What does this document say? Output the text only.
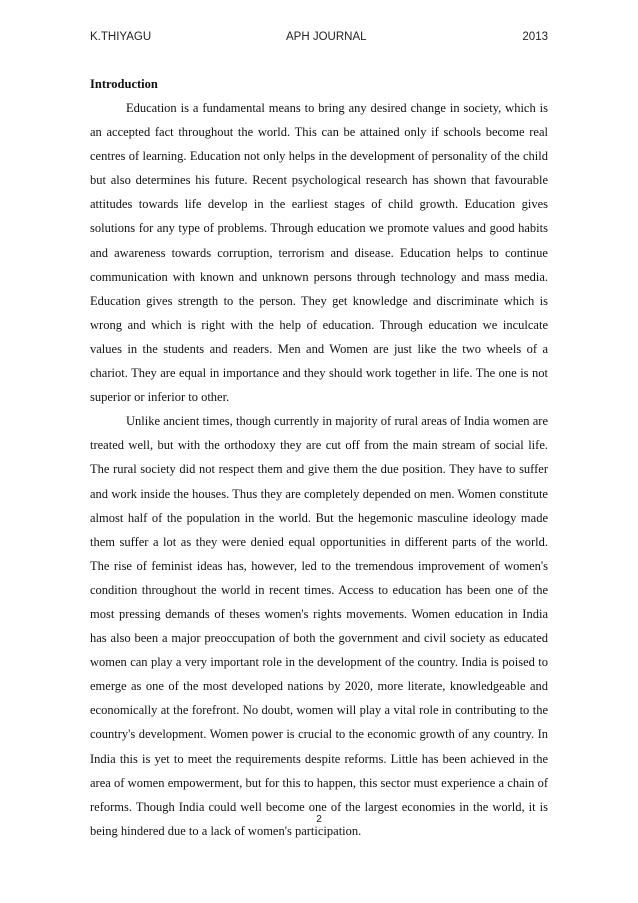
K.THIYAGU	APH JOURNAL	2013
Introduction

Education is a fundamental means to bring any desired change in society, which is an accepted fact throughout the world. This can be attained only if schools become real centres of learning. Education not only helps in the development of personality of the child but also determines his future. Recent psychological research has shown that favourable attitudes towards life develop in the earliest stages of child growth. Education gives solutions for any type of problems. Through education we promote values and good habits and awareness towards corruption, terrorism and disease. Education helps to continue communication with known and unknown persons through technology and mass media. Education gives strength to the person. They get knowledge and discriminate which is wrong and which is right with the help of education. Through education we inculcate values in the students and readers. Men and Women are just like the two wheels of a chariot. They are equal in importance and they should work together in life. The one is not superior or inferior to other.

Unlike ancient times, though currently in majority of rural areas of India women are treated well, but with the orthodoxy they are cut off from the main stream of social life. The rural society did not respect them and give them the due position. They have to suffer and work inside the houses. Thus they are completely depended on men. Women constitute almost half of the population in the world. But the hegemonic masculine ideology made them suffer a lot as they were denied equal opportunities in different parts of the world. The rise of feminist ideas has, however, led to the tremendous improvement of women's condition throughout the world in recent times. Access to education has been one of the most pressing demands of theses women's rights movements. Women education in India has also been a major preoccupation of both the government and civil society as educated women can play a very important role in the development of the country. India is poised to emerge as one of the most developed nations by 2020, more literate, knowledgeable and economically at the forefront. No doubt, women will play a vital role in contributing to the country's development. Women power is crucial to the economic growth of any country. In India this is yet to meet the requirements despite reforms. Little has been achieved in the area of women empowerment, but for this to happen, this sector must experience a chain of reforms. Though India could well become one of the largest economies in the world, it is being hindered due to a lack of women's participation.

2
